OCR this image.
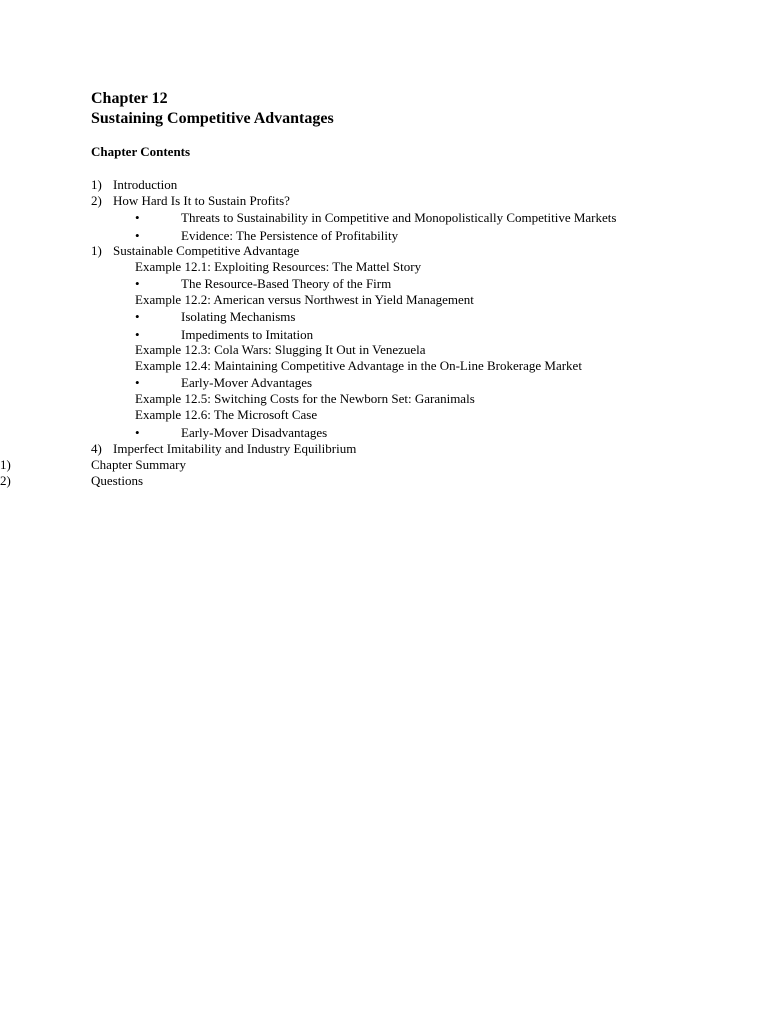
Chapter 12
Sustaining Competitive Advantages
Chapter Contents
1) Introduction
2) How Hard Is It to Sustain Profits?
•	Threats to Sustainability in Competitive and Monopolistically Competitive Markets
•	Evidence: The Persistence of Profitability
1) Sustainable Competitive Advantage
Example 12.1: Exploiting Resources: The Mattel Story
•	The Resource-Based Theory of the Firm
Example 12.2: American versus Northwest in Yield Management
•	Isolating Mechanisms
•	Impediments to Imitation
Example 12.3: Cola Wars: Slugging It Out in Venezuela
Example 12.4: Maintaining Competitive Advantage in the On-Line Brokerage Market
•	Early-Mover Advantages
Example 12.5: Switching Costs for the Newborn Set: Garanimals
Example 12.6: The Microsoft Case
•	Early-Mover Disadvantages
4) Imperfect Imitability and Industry Equilibrium
1)	Chapter Summary
2)	Questions
